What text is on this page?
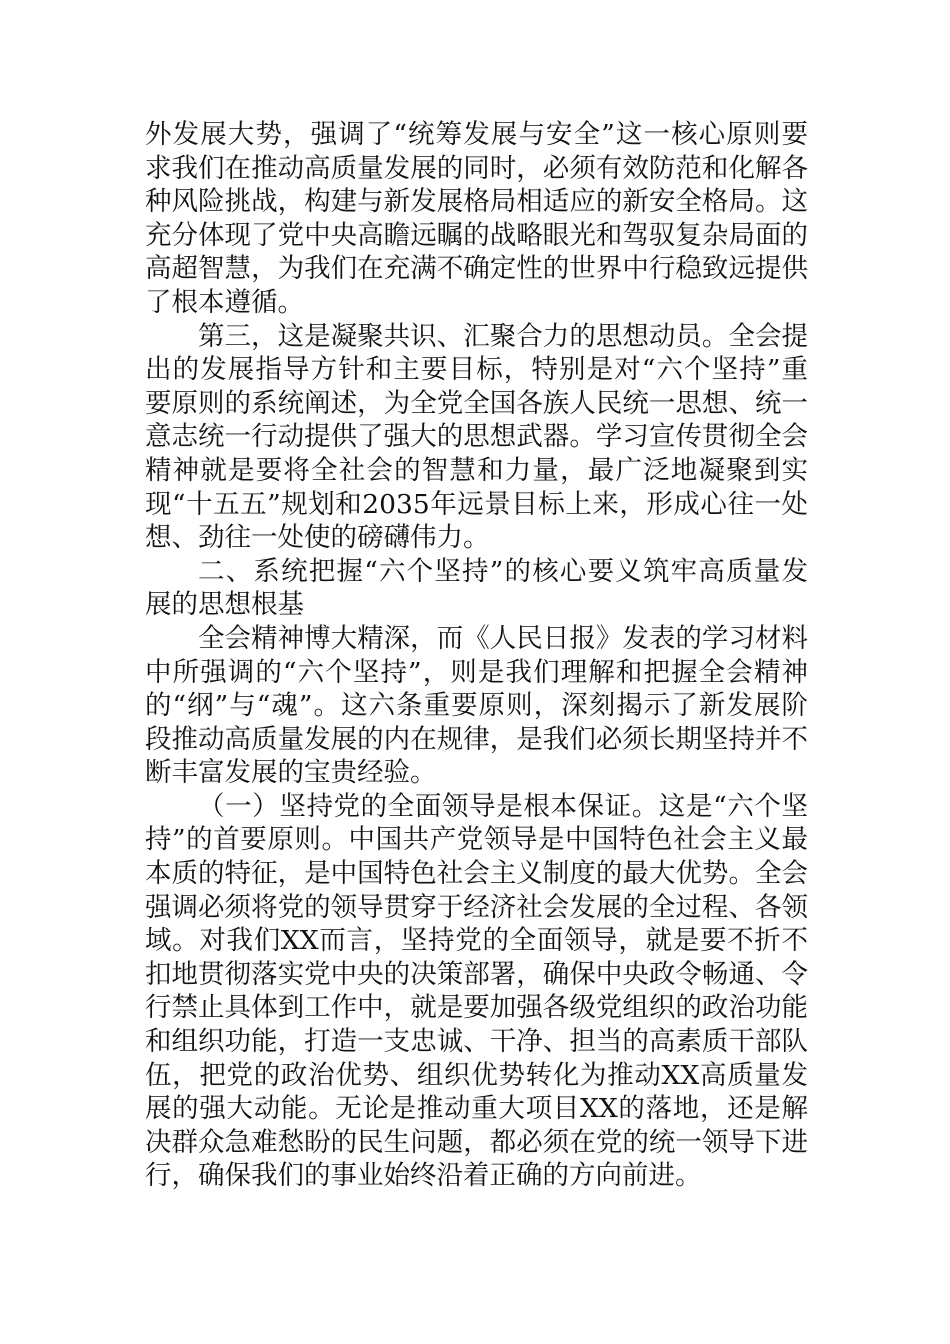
外发展大势，强调了“统筹发展与安全”这一核心原则要求我们在推动高质量发展的同时，必须有效防范和化解各种风险挑战，构建与新发展格局相适应的新安全格局。这充分体现了党中央高瞻远瞩的战略眼光和驾驭复杂局面的高超智慧，为我们在充满不确定性的世界中行稳致远提供了根本遵循。

第三，这是凝聚共识、汇聚合力的思想动员。全会提出的发展指导方针和主要目标，特别是对“六个坚持”重要原则的系统阐述，为全党全国各族人民统一思想、统一意志统一行动提供了强大的思想武器。学习宣传贯彻全会精神就是要将全社会的智慧和力量，最广泛地凝聚到实现“十五五”规划和2035年远景目标上来，形成心往一处想、劲往一处使的磅礴伟力。

二、系统把握“六个坚持”的核心要义筑牢高质量发展的思想根基

全会精神博大精深，而《人民日报》发表的学习材料中所强调的“六个坚持”，则是我们理解和把握全会精神的“纲”与“魂”。这六条重要原则，深刻揭示了新发展阶段推动高质量发展的内在规律，是我们必须长期坚持并不断丰富发展的宝贵经验。

（一）坚持党的全面领导是根本保证。这是“六个坚持”的首要原则。中国共产党领导是中国特色社会主义最本质的特征，是中国特色社会主义制度的最大优势。全会强调必须将党的领导贯穿于经济社会发展的全过程、各领域。对我们XX而言，坚持党的全面领导，就是要不折不扣地贯彻落实党中央的决策部署，确保中央政令畅通、令行禁止具体到工作中，就是要加强各级党组织的政治功能和组织功能，打造一支忠诚、干净、担当的高素质干部队伍，把党的政治优势、组织优势转化为推动XX高质量发展的强大动能。无论是推动重大项目XX的落地，还是解决群众急难愁盼的民生问题，都必须在党的统一领导下进行，确保我们的事业始终沿着正确的方向前进。
